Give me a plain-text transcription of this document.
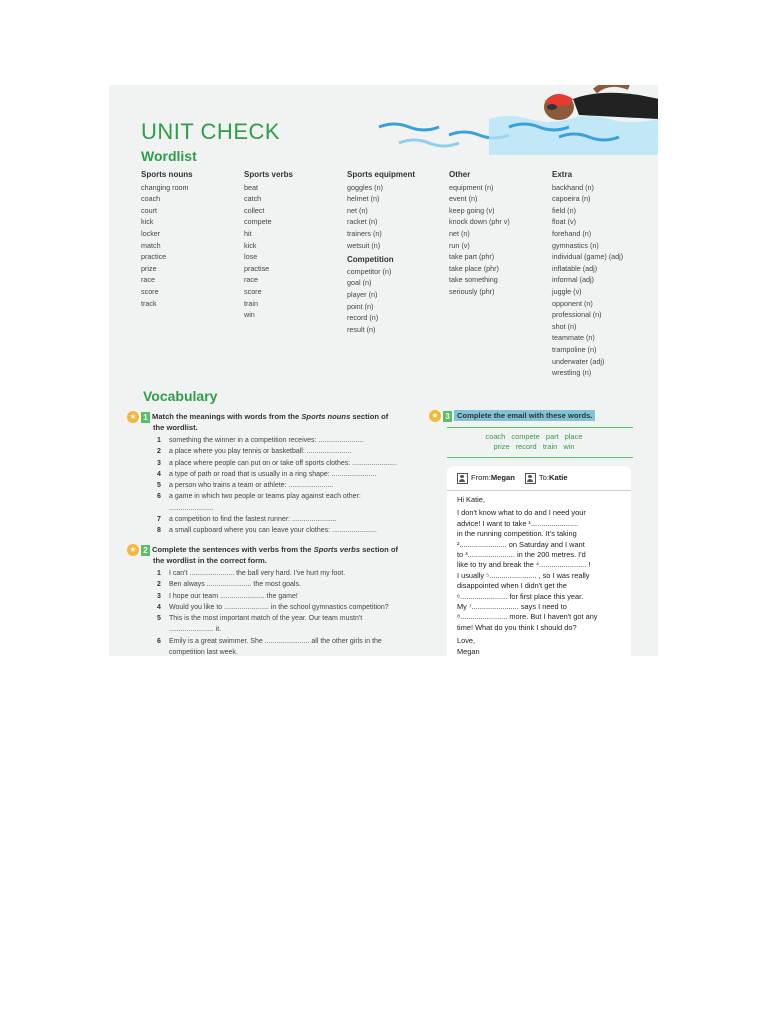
UNIT CHECK
Wordlist
Sports nouns
changing room
coach
court
kick
locker
match
practice
prize
race
score
track
Sports verbs
beat
catch
collect
compete
hit
kick
lose
practise
race
score
train
win
Sports equipment
goggles (n)
helmet (n)
net (n)
racket (n)
trainers (n)
wetsuit (n)
Competition
competitor (n)
goal (n)
player (n)
point (n)
record (n)
result (n)
Other
equipment (n)
event (n)
keep going (v)
knock down (phr v)
net (n)
run (v)
take part (phr)
take place (phr)
take something
seriously (phr)
Extra
backhand (n)
capoeira (n)
field (n)
float (v)
forehand (n)
gymnastics (n)
individual (game) (adj)
inflatable (adj)
informal (adj)
juggle (v)
opponent (n)
professional (n)
shot (n)
teammate (n)
trampoline (n)
underwater (adj)
wrestling (n)
Vocabulary
★ 1 Match the meanings with words from the Sports nouns section of
the wordlist.
1 something the winner in a competition receives: .......................
2 a place where you play tennis or basketball: .......................
3 a place where people can put on or take off sports clothes: .......................
4 a type of path or road that is usually in a ring shape: .......................
5 a person who trains a team or athlete: .......................
6 a game in which two people or teams play against each other:
.......................
7 a competition to find the fastest runner: .......................
8 a small cupboard where you can leave your clothes: .......................
★ 2 Complete the sentences with verbs from the Sports verbs section of
the wordlist in the correct form.
1 I can't ....................... the ball very hard. I've hurt my foot.
2 Ben always ....................... the most goals.
3 I hope our team ....................... the game!
4 Would you like to ....................... in the school gymnastics competition?
5 This is the most important match of the year. Our team mustn't
....................... it.
6 Emily is a great swimmer. She ....................... all the other girls in the
competition last week.
★ 3 Complete the email with these words.
coach   compete   part   place
prize   record   train   win
From: Megan	To: Katie
Hi Katie,
I don't know what to do and I need your
advice! I want to take ¹.......................
in the running competition. It's taking
²....................... on Saturday and I want
to ³....................... in the 200 metres. I'd
like to try and break the ⁴....................... !
I usually ⁵....................... , so I was really
disappointed when I didn't get the
⁶....................... for first place this year.
My ⁷....................... says I need to
⁸....................... more. But I haven't got any
time! What do you think I should do?
Love,
Megan
